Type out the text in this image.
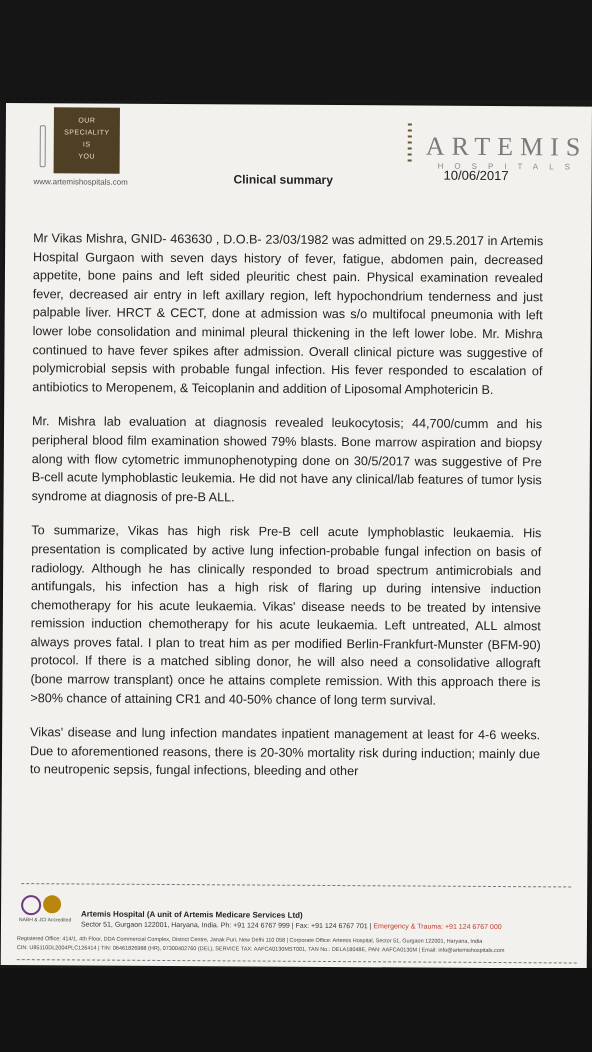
OUR
SPECIALITY
IS
YOU
www.artemishospitals.com	Clinical summary
ARTEMIS
HOSPITALS
10/06/2017

Mr Vikas Mishra, GNID- 463630 , D.O.B- 23/03/1982 was admitted on 29.5.2017 in Artemis Hospital Gurgaon with seven days history of fever, fatigue, abdomen pain, decreased appetite, bone pains and left sided pleuritic chest pain. Physical examination revealed fever, decreased air entry in left axillary region, left hypochondrium tenderness and just palpable liver. HRCT & CECT, done at admission was s/o multifocal pneumonia with left lower lobe consolidation and minimal pleural thickening in the left lower lobe. Mr. Mishra continued to have fever spikes after admission. Overall clinical picture was suggestive of polymicrobial sepsis with probable fungal infection. His fever responded to escalation of antibiotics to Meropenem, & Teicoplanin and addition of Liposomal Amphotericin B.

Mr. Mishra lab evaluation at diagnosis revealed leukocytosis; 44,700/cumm and his peripheral blood film examination showed 79% blasts. Bone marrow aspiration and biopsy along with flow cytometric immunophenotyping done on 30/5/2017 was suggestive of Pre B-cell acute lymphoblastic leukemia. He did not have any clinical/lab features of tumor lysis syndrome at diagnosis of pre-B ALL.

To summarize, Vikas has high risk Pre-B cell acute lymphoblastic leukaemia. His presentation is complicated by active lung infection-probable fungal infection on basis of radiology. Although he has clinically responded to broad spectrum antimicrobials and antifungals, his infection has a high risk of flaring up during intensive induction chemotherapy for his acute leukaemia. Vikas' disease needs to be treated by intensive remission induction chemotherapy for his acute leukaemia. Left untreated, ALL almost always proves fatal. I plan to treat him as per modified Berlin-Frankfurt-Munster (BFM-90) protocol. If there is a matched sibling donor, he will also need a consolidative allograft (bone marrow transplant) once he attains complete remission. With this approach there is >80% chance of attaining CR1 and 40-50% chance of long term survival.

Vikas' disease and lung infection mandates inpatient management at least for 4-6 weeks. Due to aforementioned reasons, there is 20-30% mortality risk during induction; mainly due to neutropenic sepsis, fungal infections, bleeding and other

NABH & JCI Accredited
Artemis Hospital (A unit of Artemis Medicare Services Ltd)
Sector 51, Gurgaon 122001, Haryana, India. Ph: +91 124 6767 999 | Fax: +91 124 6767 701 | Emergency & Trauma: +91 124 6767 000
Registered Office: 414/1, 4th Floor, DDA Commercial Complex, District Centre, Janak Puri, New Delhi 110 058 | Corporate Office: Artemis Hospital, Sector 51, Gurgaon 122001, Haryana, India
CIN: U85110DL2004PLC126414 | TIN: 06461826988 (HR), 07300402760 (DEL), SERVICE TAX: AAFCA0130MST001, TAN No.: DELA18048E, PAN: AAFCA0130M | Email: info@artemishospitals.com
